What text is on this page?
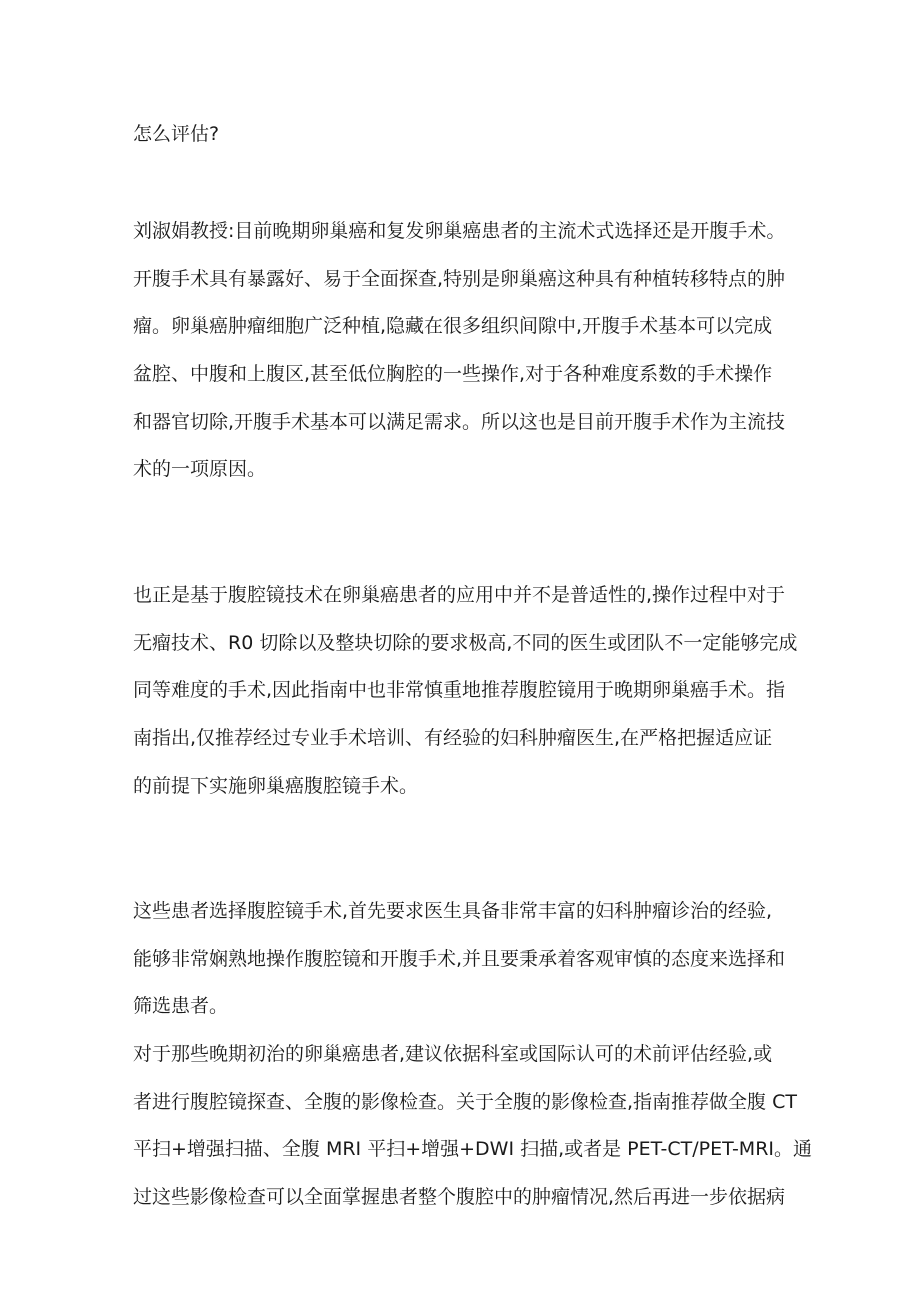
怎么评估?

刘淑娟教授:目前晚期卵巢癌和复发卵巢癌患者的主流术式选择还是开腹手术。

开腹手术具有暴露好、易于全面探查,特别是卵巢癌这种具有种植转移特点的肿

瘤。卵巢癌肿瘤细胞广泛种植,隐藏在很多组织间隙中,开腹手术基本可以完成

盆腔、中腹和上腹区,甚至低位胸腔的一些操作,对于各种难度系数的手术操作

和器官切除,开腹手术基本可以满足需求。所以这也是目前开腹手术作为主流技

术的一项原因。

也正是基于腹腔镜技术在卵巢癌患者的应用中并不是普适性的,操作过程中对于

无瘤技术、R0 切除以及整块切除的要求极高,不同的医生或团队不一定能够完成

同等难度的手术,因此指南中也非常慎重地推荐腹腔镜用于晚期卵巢癌手术。指

南指出,仅推荐经过专业手术培训、有经验的妇科肿瘤医生,在严格把握适应证

的前提下实施卵巢癌腹腔镜手术。

这些患者选择腹腔镜手术,首先要求医生具备非常丰富的妇科肿瘤诊治的经验,

能够非常娴熟地操作腹腔镜和开腹手术,并且要秉承着客观审慎的态度来选择和

筛选患者。

对于那些晚期初治的卵巢癌患者,建议依据科室或国际认可的术前评估经验,或

者进行腹腔镜探查、全腹的影像检查。关于全腹的影像检查,指南推荐做全腹 CT

平扫+增强扫描、全腹 MRI 平扫+增强+DWI 扫描,或者是 PET-CT/PET-MRI。通

过这些影像检查可以全面掌握患者整个腹腔中的肿瘤情况,然后再进一步依据病
